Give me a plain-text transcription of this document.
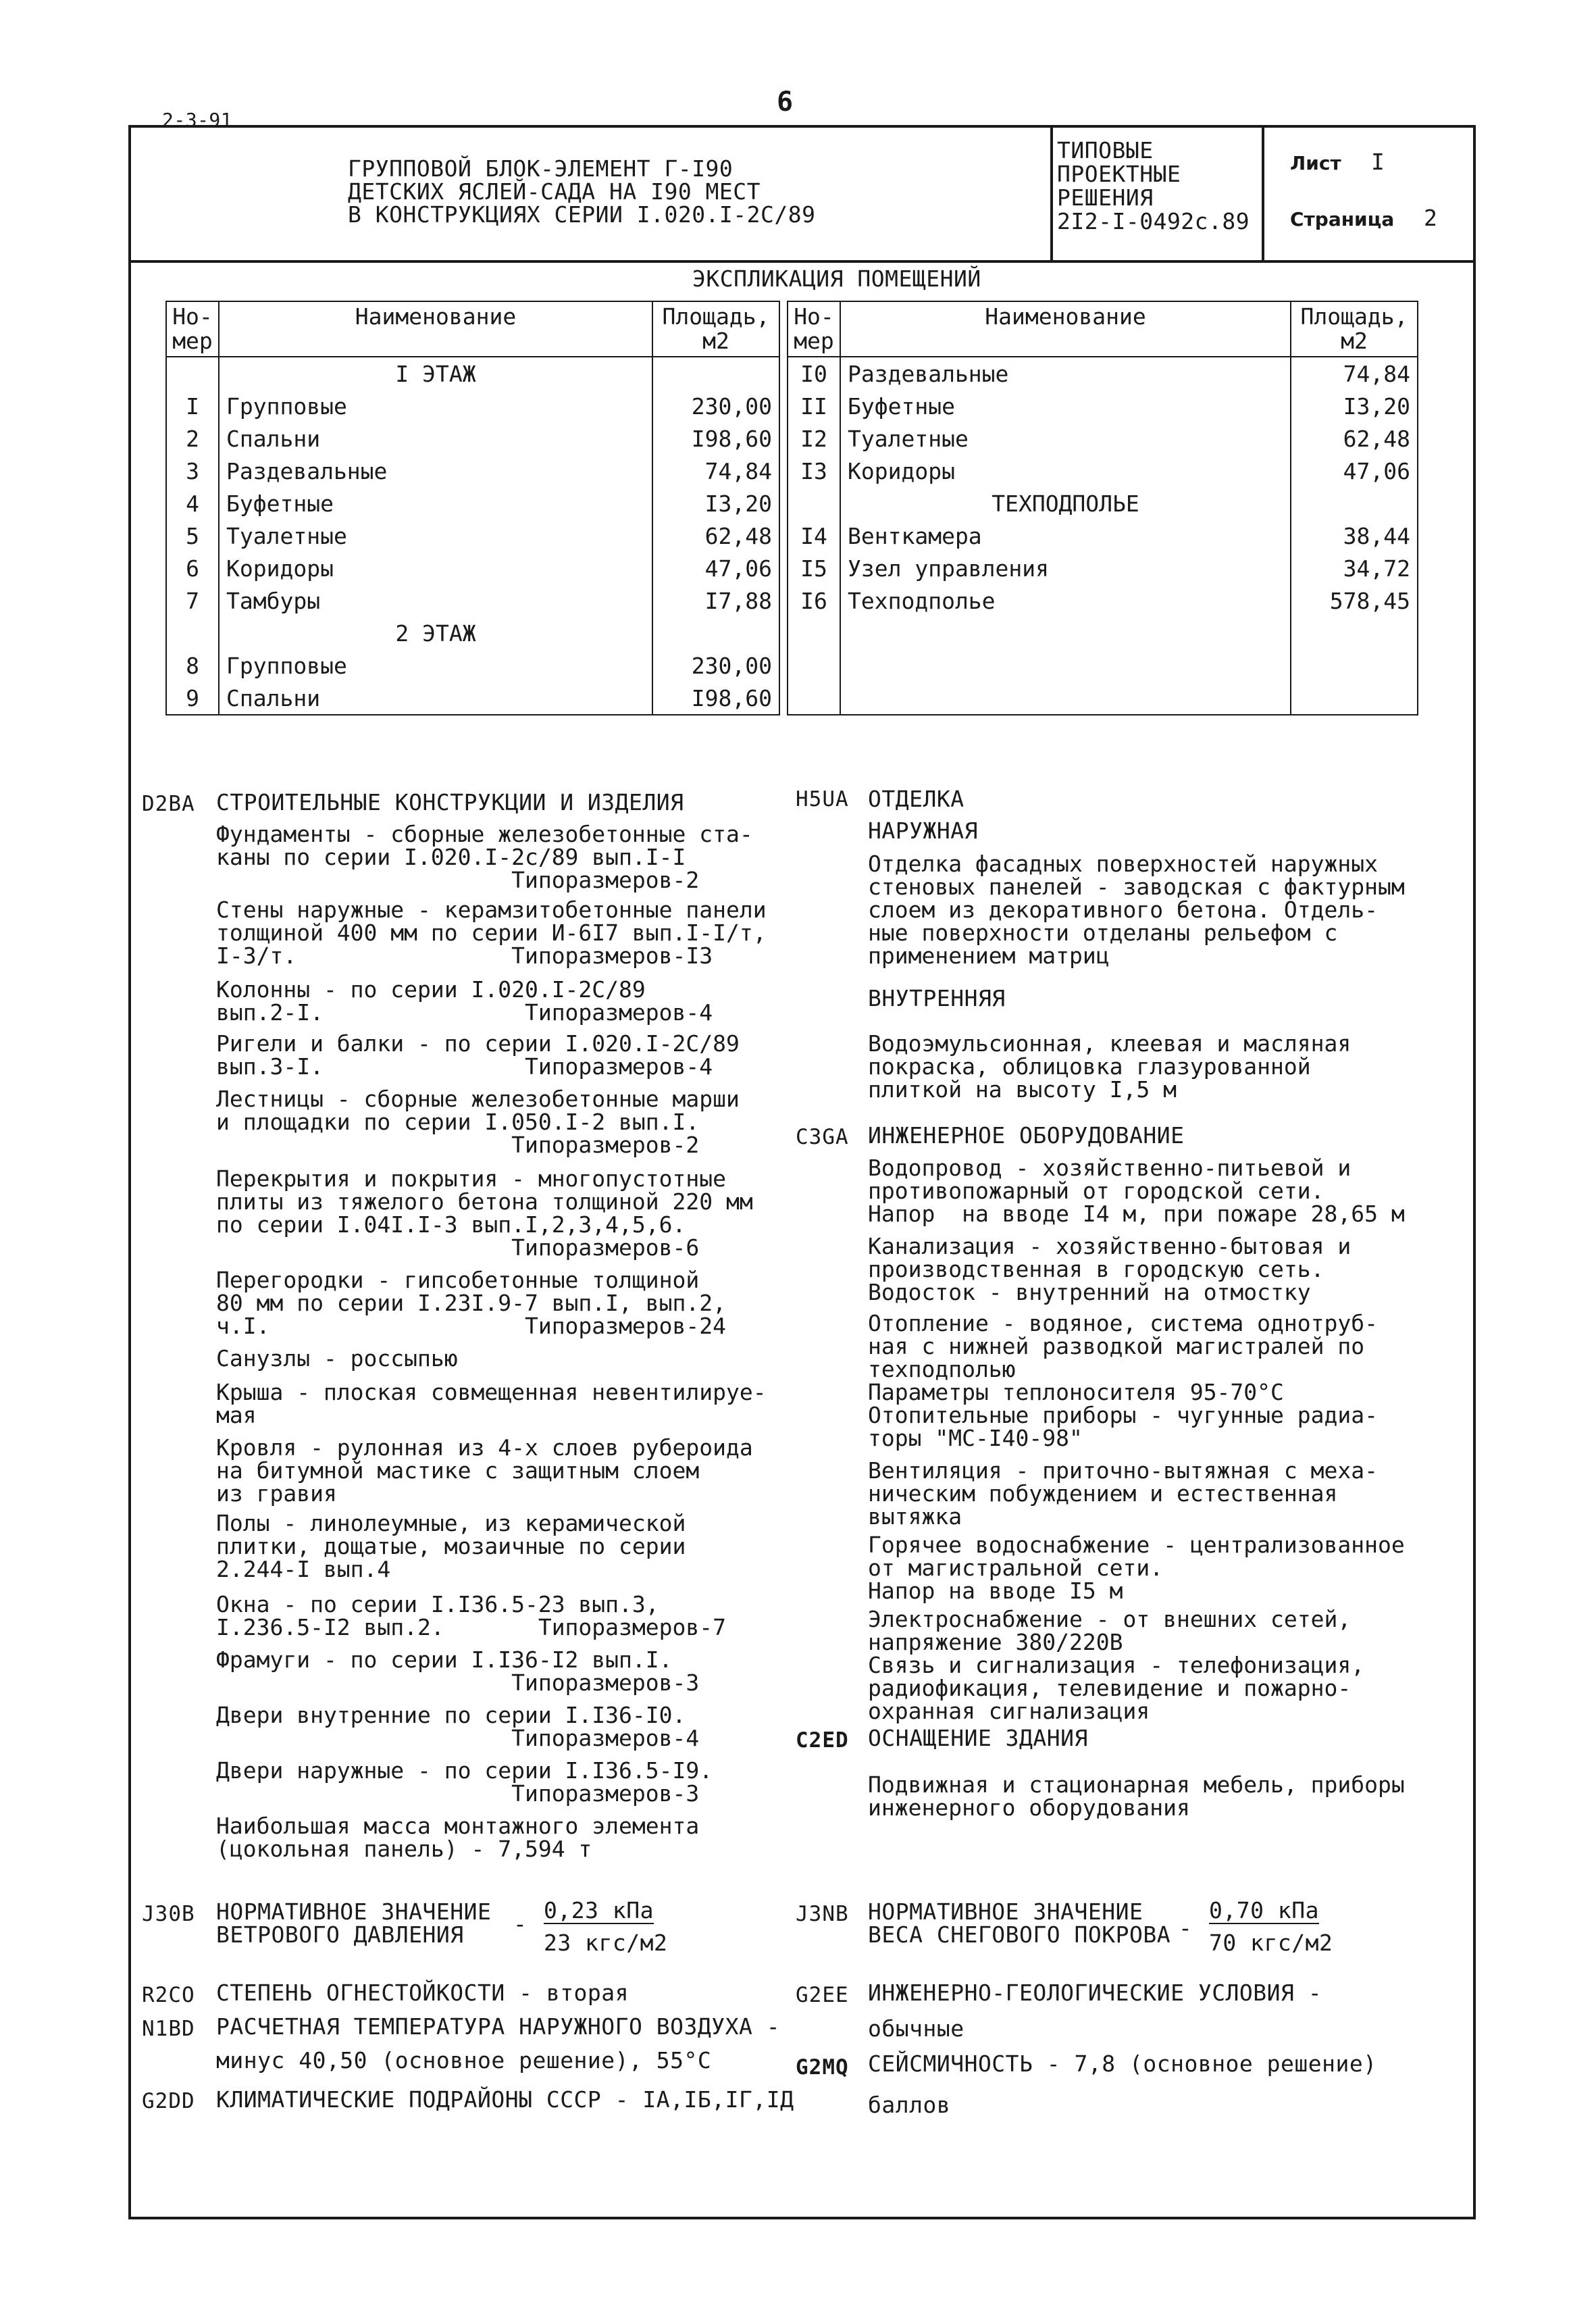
2-3-91
6
ГРУППОВОЙ БЛОК-ЭЛЕМЕНТ Г-I90
ДЕТСКИХ ЯСЛЕЙ-САДА НА I90 МЕСТ
В КОНСТРУКЦИЯХ СЕРИИ I.020.I-2С/89
ТИПОВЫЕ
ПРОЕКТНЫЕ
РЕШЕНИЯ
2I2-I-0492с.89
Лист I
Страница 2
ЭКСПЛИКАЦИЯ ПОМЕЩЕНИЙ
Но-
мер	Наименование	Площадь,
м2
	I ЭТАЖ	
I	Групповые	230,00
2	Спальни	I98,60
3	Раздевальные	74,84
4	Буфетные	I3,20
5	Туалетные	62,48
6	Коридоры	47,06
7	Тамбуры	I7,88
	2 ЭТАЖ	
8	Групповые	230,00
9	Спальни	I98,60
Но-
мер	Наименование	Площадь,
м2
I0	Раздевальные	74,84
II	Буфетные	I3,20
I2	Туалетные	62,48
I3	Коридоры	47,06
	ТЕХПОДПОЛЬЕ	
I4	Венткамера	38,44
I5	Узел управления	34,72
I6	Техподполье	578,45

D2BA СТРОИТЕЛЬНЫЕ КОНСТРУКЦИИ И ИЗДЕЛИЯ
Фундаменты - сборные железобетонные ста-
каны по серии I.020.I-2с/89 вып.I-I
Типоразмеров-2
Стены наружные - керамзитобетонные панели
толщиной 400 мм по серии И-6I7 вып.I-I/т,
I-3/т.                Типоразмеров-I3
Колонны - по серии I.020.I-2С/89
вып.2-I.               Типоразмеров-4
Ригели и балки - по серии I.020.I-2С/89
вып.3-I.               Типоразмеров-4
Лестницы - сборные железобетонные марши
и площадки по серии I.050.I-2 вып.I.
Типоразмеров-2
Перекрытия и покрытия - многопустотные
плиты из тяжелого бетона толщиной 220 мм
по серии I.04I.I-3 вып.I,2,3,4,5,6.
Типоразмеров-6
Перегородки - гипсобетонные толщиной
80 мм по серии I.23I.9-7 вып.I, вып.2,
ч.I.                   Типоразмеров-24
Санузлы - россыпью
Крыша - плоская совмещенная невентилируе-
мая
Кровля - рулонная из 4-х слоев рубероида
на битумной мастике с защитным слоем
из гравия
Полы - линолеумные, из керамической
плитки, дощатые, мозаичные по серии
2.244-I вып.4
Окна - по серии I.I36.5-23 вып.3,
I.236.5-I2 вып.2.       Типоразмеров-7
Фрамуги - по серии I.I36-I2 вып.I.
Типоразмеров-3
Двери внутренние по серии I.I36-I0.
Типоразмеров-4
Двери наружные - по серии I.I36.5-I9.
Типоразмеров-3
Наибольшая масса монтажного элемента
(цокольная панель) - 7,594 т
H5UA ОТДЕЛКА
НАРУЖНАЯ
Отделка фасадных поверхностей наружных
стеновых панелей - заводская с фактурным
слоем из декоративного бетона. Отдель-
ные поверхности отделаны рельефом с
применением матриц
ВНУТРЕННЯЯ
Водоэмульсионная, клеевая и масляная
покраска, облицовка глазурованной
плиткой на высоту I,5 м
C3GA ИНЖЕНЕРНОЕ ОБОРУДОВАНИЕ
Водопровод - хозяйственно-питьевой и
противопожарный от городской сети.
Напор  на вводе I4 м, при пожаре 28,65 м
Канализация - хозяйственно-бытовая и
производственная в городскую сеть.
Водосток - внутренний на отмостку
Отопление - водяное, система однотруб-
ная с нижней разводкой магистралей по
техподполью
Параметры теплоносителя 95-70°С
Отопительные приборы - чугунные радиа-
торы "МС-I40-98"
Вентиляция - приточно-вытяжная с меха-
ническим побуждением и естественная
вытяжка
Горячее водоснабжение - централизованное
от магистральной сети.
Напор на вводе I5 м
Электроснабжение - от внешних сетей,
напряжение 380/220В
Связь и сигнализация - телефонизация,
радиофикация, телевидение и пожарно-
охранная сигнализация
C2ED ОСНАЩЕНИЕ ЗДАНИЯ
Подвижная и стационарная мебель, приборы
инженерного оборудования
J30B НОРМАТИВНОЕ ЗНАЧЕНИЕ
ВЕТРОВОГО ДАВЛЕНИЯ -
0,23 кПа
23 кгс/м2
J3NB НОРМАТИВНОЕ ЗНАЧЕНИЕ
ВЕСА СНЕГОВОГО ПОКРОВА -
0,70 кПа
70 кгс/м2
R2CO СТЕПЕНЬ ОГНЕСТОЙКОСТИ - вторая
N1BD РАСЧЕТНАЯ ТЕМПЕРАТУРА НАРУЖНОГО ВОЗДУХА -
минус 40,50 (основное решение), 55°С
G2DD КЛИМАТИЧЕСКИЕ ПОДРАЙОНЫ СССР - IА,IБ,IГ,IД
G2EE ИНЖЕНЕРНО-ГЕОЛОГИЧЕСКИЕ УСЛОВИЯ -
обычные
G2MQ СЕЙСМИЧНОСТЬ - 7,8 (основное решение)
баллов
